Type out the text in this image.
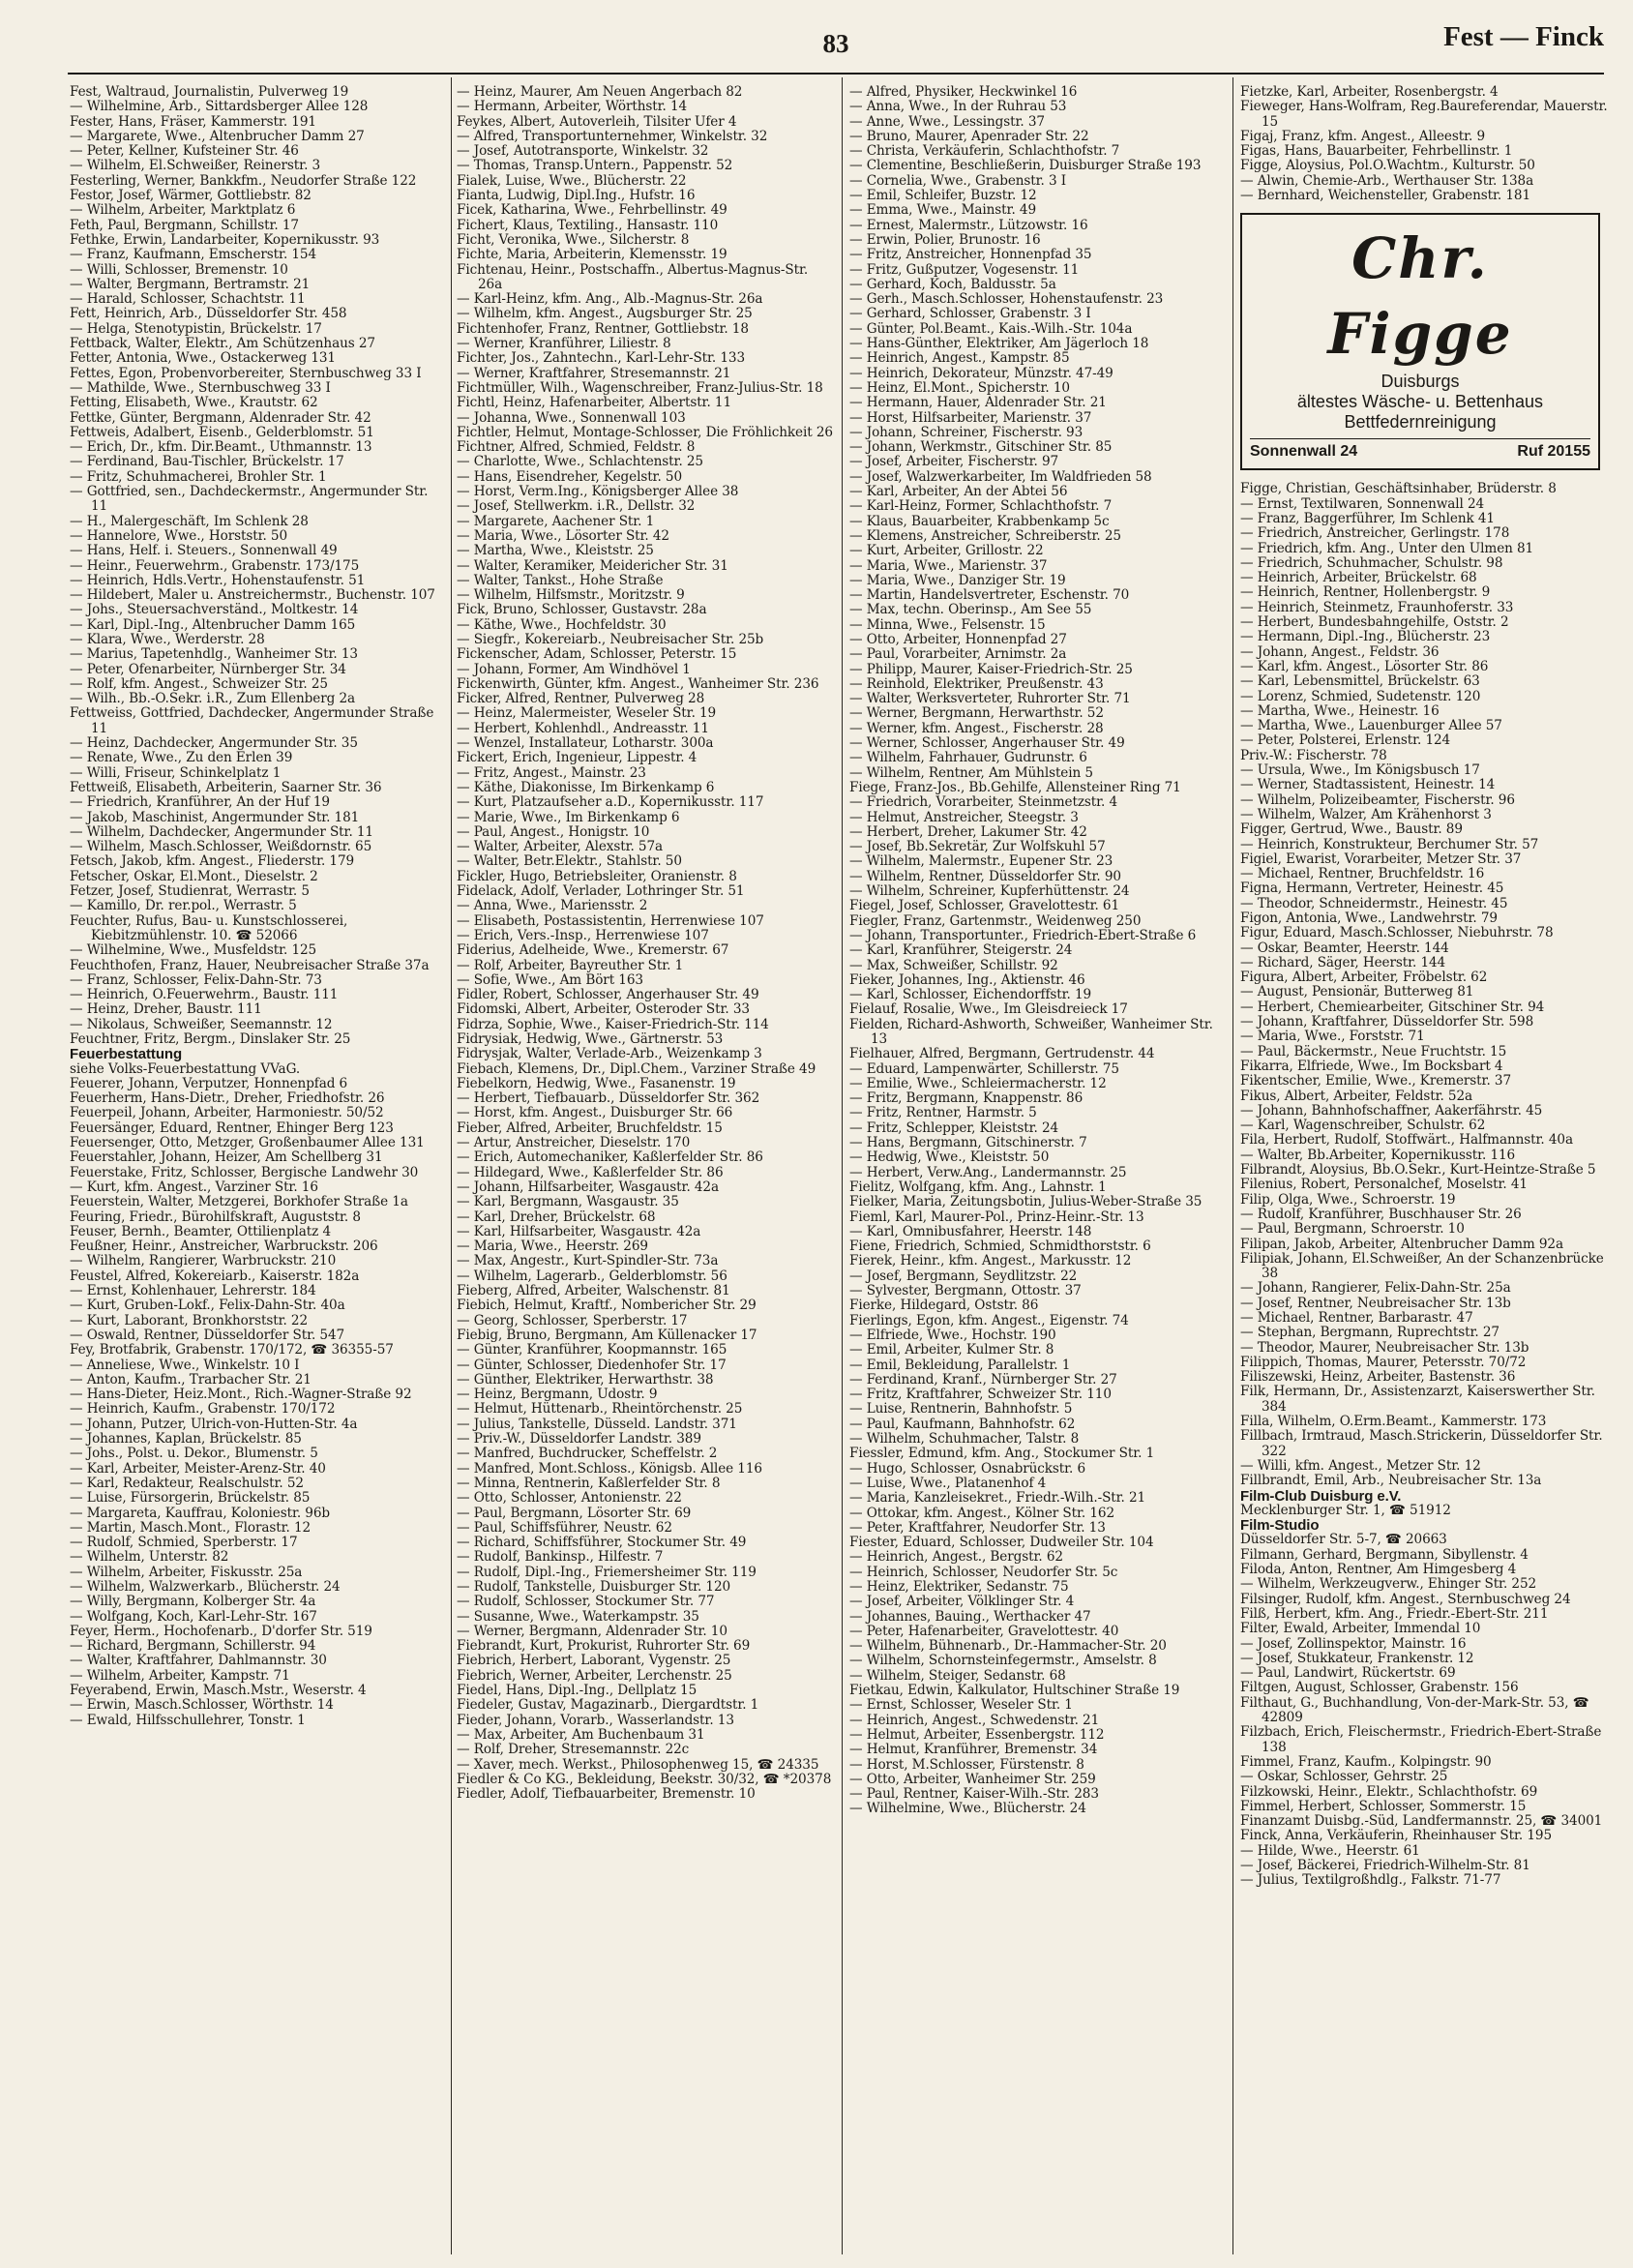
83	Fest — Finck
Fest, Waltraud, Journalistin, Pulverweg 19
— Wilhelmine, Arb., Sittardsberger Allee 128
Fester, Hans, Fräser, Kammerstr. 191
— Margarete, Wwe., Altenbrucher Damm 27
— Peter, Kellner, Kufsteiner Str. 46
— Wilhelm, El.Schweißer, Reinerstr. 3
Festerling, Werner, Bankkfm., Neudorfer Straße 122
Festor, Josef, Wärmer, Gottliebstr. 82
— Wilhelm, Arbeiter, Marktplatz 6
Feth, Paul, Bergmann, Schillstr. 17
Fethke, Erwin, Landarbeiter, Kopernikusstr. 93
— Franz, Kaufmann, Emscherstr. 154
— Willi, Schlosser, Bremenstr. 10
— Walter, Bergmann, Bertramstr. 21
— Harald, Schlosser, Schachtstr. 11
Fett, Heinrich, Arb., Düsseldorfer Str. 458
— Helga, Stenotypistin, Brückelstr. 17
Fettback, Walter, Elektr., Am Schützenhaus 27
Fetter, Antonia, Wwe., Ostackerweg 131
Fettes, Egon, Probenvorbereiter, Sternbuschweg 33 I
— Mathilde, Wwe., Sternbuschweg 33 I
Fetting, Elisabeth, Wwe., Krautstr. 62
Fettke, Günter, Bergmann, Aldenrader Str. 42
Fettweis, Adalbert, Eisenb., Gelderblomstr. 51
— Erich, Dr., kfm. Dir.Beamt., Uthmannstr. 13
— Ferdinand, Bau-Tischler, Brückelstr. 17
— Fritz, Schuhmacherei, Brohler Str. 1
— Gottfried, sen., Dachdeckermstr., Angermunder Str. 11
— H., Malergeschäft, Im Schlenk 28
— Hannelore, Wwe., Horststr. 50
— Hans, Helf. i. Steuers., Sonnenwall 49
— Heinr., Feuerwehrm., Grabenstr. 173/175
— Heinrich, Hdls.Vertr., Hohenstaufenstr. 51
— Hildebert, Maler u. Anstreichermstr., Buchenstr. 107
— Johs., Steuersachverständ., Moltkestr. 14
— Karl, Dipl.-Ing., Altenbrucher Damm 165
— Klara, Wwe., Werderstr. 28
— Marius, Tapetenhdlg., Wanheimer Str. 13
— Peter, Ofenarbeiter, Nürnberger Str. 34
— Rolf, kfm. Angest., Schweizer Str. 25
— Wilh., Bb.-O.Sekr. i.R., Zum Ellenberg 2a
Fettweiss, Gottfried, Dachdecker, Angermunder Straße 11
— Heinz, Dachdecker, Angermunder Str. 35
— Renate, Wwe., Zu den Erlen 39
— Willi, Friseur, Schinkelplatz 1
Fettweiß, Elisabeth, Arbeiterin, Saarner Str. 36
— Friedrich, Kranführer, An der Huf 19
— Jakob, Maschinist, Angermunder Str. 181
— Wilhelm, Dachdecker, Angermunder Str. 11
— Wilhelm, Masch.Schlosser, Weißdornstr. 65
Fetsch, Jakob, kfm. Angest., Fliederstr. 179
Fetscher, Oskar, El.Mont., Dieselstr. 2
Fetzer, Josef, Studienrat, Werrastr. 5
— Kamillo, Dr. rer.pol., Werrastr. 5
Feuchter, Rufus, Bau- u. Kunstschlosserei, Kiebitzmühlenstr. 10. ☎ 52066
— Wilhelmine, Wwe., Musfeldstr. 125
Feuchthofen, Franz, Hauer, Neubreisacher Straße 37a
— Franz, Schlosser, Felix-Dahn-Str. 73
— Heinrich, O.Feuerwehrm., Baustr. 111
— Heinz, Dreher, Baustr. 111
— Nikolaus, Schweißer, Seemannstr. 12
Feuchtner, Fritz, Bergm., Dinslaker Str. 25
Feuerbestattung
siehe Volks-Feuerbestattung VVaG.
Feuerer, Johann, Verputzer, Honnenpfad 6
Feuerherm, Hans-Dietr., Dreher, Friedhofstr. 26
Feuerpeil, Johann, Arbeiter, Harmoniestr. 50/52
Feuersänger, Eduard, Rentner, Ehinger Berg 123
Feuersenger, Otto, Metzger, Großenbaumer Allee 131
Feuerstahler, Johann, Heizer, Am Schellberg 31
Feuerstake, Fritz, Schlosser, Bergische Landwehr 30
— Kurt, kfm. Angest., Varziner Str. 16
Feuerstein, Walter, Metzgerei, Borkhofer Straße 1a
Feuring, Friedr., Bürohilfskraft, Auguststr. 8
Feuser, Bernh., Beamter, Ottilienplatz 4
Feußner, Heinr., Anstreicher, Warbruckstr. 206
— Wilhelm, Rangierer, Warbruckstr. 210
Feustel, Alfred, Kokereiarb., Kaiserstr. 182a
— Ernst, Kohlenhauer, Lehrerstr. 184
— Kurt, Gruben-Lokf., Felix-Dahn-Str. 40a
— Kurt, Laborant, Bronkhorststr. 22
— Oswald, Rentner, Düsseldorfer Str. 547
Fey, Brotfabrik, Grabenstr. 170/172, ☎ 36355-57
— Anneliese, Wwe., Winkelstr. 10 I
— Anton, Kaufm., Trarbacher Str. 21
— Hans-Dieter, Heiz.Mont., Rich.-Wagner-Straße 92
— Heinrich, Kaufm., Grabenstr. 170/172
— Johann, Putzer, Ulrich-von-Hutten-Str. 4a
— Johannes, Kaplan, Brückelstr. 85
— Johs., Polst. u. Dekor., Blumenstr. 5
— Karl, Arbeiter, Meister-Arenz-Str. 40
— Karl, Redakteur, Realschulstr. 52
— Luise, Fürsorgerin, Brückelstr. 85
— Margareta, Kauffrau, Koloniestr. 96b
— Martin, Masch.Mont., Florastr. 12
— Rudolf, Schmied, Sperberstr. 17
— Wilhelm, Unterstr. 82
— Wilhelm, Arbeiter, Fiskusstr. 25a
— Wilhelm, Walzwerkarb., Blücherstr. 24
— Willy, Bergmann, Kolberger Str. 4a
— Wolfgang, Koch, Karl-Lehr-Str. 167
Feyer, Herm., Hochofenarb., D'dorfer Str. 519
— Richard, Bergmann, Schillerstr. 94
— Walter, Kraftfahrer, Dahlmannstr. 30
— Wilhelm, Arbeiter, Kampstr. 71
Feyerabend, Erwin, Masch.Mstr., Weserstr. 4
— Erwin, Masch.Schlosser, Wörthstr. 14
— Ewald, Hilfsschullehrer, Tonstr. 1
— Heinz, Maurer, Am Neuen Angerbach 82
— Hermann, Arbeiter, Wörthstr. 14
Feykes, Albert, Autoverleih, Tilsiter Ufer 4
— Alfred, Transportunternehmer, Winkelstr. 32
— Josef, Autotransporte, Winkelstr. 32
— Thomas, Transp.Untern., Pappenstr. 52
Fialek, Luise, Wwe., Blücherstr. 22
Fianta, Ludwig, Dipl.Ing., Hufstr. 16
Ficek, Katharina, Wwe., Fehrbellinstr. 49
Fichert, Klaus, Textiling., Hansastr. 110
Ficht, Veronika, Wwe., Silcherstr. 8
Fichte, Maria, Arbeiterin, Klemensstr. 19
Fichtenau, Heinr., Postschaffn., Albertus-Magnus-Str. 26a
— Karl-Heinz, kfm. Ang., Alb.-Magnus-Str. 26a
— Wilhelm, kfm. Angest., Augsburger Str. 25
Fichtenhofer, Franz, Rentner, Gottliebstr. 18
— Werner, Kranführer, Liliestr. 8
Fichter, Jos., Zahntechn., Karl-Lehr-Str. 133
— Werner, Kraftfahrer, Stresemannstr. 21
Fichtmüller, Wilh., Wagenschreiber, Franz-Julius-Str. 18
Fichtl, Heinz, Hafenarbeiter, Albertstr. 11
— Johanna, Wwe., Sonnenwall 103
Fichtler, Helmut, Montage-Schlosser, Die Fröhlichkeit 26
Fichtner, Alfred, Schmied, Feldstr. 8
— Charlotte, Wwe., Schlachtenstr. 25
— Hans, Eisendreher, Kegelstr. 50
— Horst, Verm.Ing., Königsberger Allee 38
— Josef, Stellwerkm. i.R., Dellstr. 32
— Margarete, Aachener Str. 1
— Maria, Wwe., Lösorter Str. 42
— Martha, Wwe., Kleiststr. 25
— Walter, Keramiker, Meidericher Str. 31
— Walter, Tankst., Hohe Straße
— Wilhelm, Hilfsmstr., Moritzstr. 9
Fick, Bruno, Schlosser, Gustavstr. 28a
— Käthe, Wwe., Hochfeldstr. 30
— Siegfr., Kokereiarb., Neubreisacher Str. 25b
Fickenscher, Adam, Schlosser, Peterstr. 15
— Johann, Former, Am Windhövel 1
Fickenwirth, Günter, kfm. Angest., Wanheimer Str. 236
Ficker, Alfred, Rentner, Pulverweg 28
— Heinz, Malermeister, Weseler Str. 19
— Herbert, Kohlenhdl., Andreasstr. 11
— Wenzel, Installateur, Lotharstr. 300a
Fickert, Erich, Ingenieur, Lippestr. 4
— Fritz, Angest., Mainstr. 23
— Käthe, Diakonisse, Im Birkenkamp 6
— Kurt, Platzaufseher a.D., Kopernikusstr. 117
— Marie, Wwe., Im Birkenkamp 6
— Paul, Angest., Honigstr. 10
— Walter, Arbeiter, Alexstr. 57a
— Walter, Betr.Elektr., Stahlstr. 50
Fickler, Hugo, Betriebsleiter, Oranienstr. 8
Fidelack, Adolf, Verlader, Lothringer Str. 51
— Anna, Wwe., Mariensstr. 2
— Elisabeth, Postassistentin, Herrenwiese 107
— Erich, Vers.-Insp., Herrenwiese 107
Fiderius, Adelheide, Wwe., Kremerstr. 67
— Rolf, Arbeiter, Bayreuther Str. 1
— Sofie, Wwe., Am Bört 163
Fidler, Robert, Schlosser, Angerhauser Str. 49
Fidomski, Albert, Arbeiter, Osteroder Str. 33
Fidrza, Sophie, Wwe., Kaiser-Friedrich-Str. 114
Fidrysiak, Hedwig, Wwe., Gärtnerstr. 53
Fidrysjak, Walter, Verlade-Arb., Weizenkamp 3
Fiebach, Klemens, Dr., Dipl.Chem., Varziner Straße 49
Fiebelkorn, Hedwig, Wwe., Fasanenstr. 19
— Herbert, Tiefbauarb., Düsseldorfer Str. 362
— Horst, kfm. Angest., Duisburger Str. 66
Fieber, Alfred, Arbeiter, Bruchfeldstr. 15
— Artur, Anstreicher, Dieselstr. 170
— Erich, Automechaniker, Kaßlerfelder Str. 86
— Hildegard, Wwe., Kaßlerfelder Str. 86
— Johann, Hilfsarbeiter, Wasgaustr. 42a
— Karl, Bergmann, Wasgaustr. 35
— Karl, Dreher, Brückelstr. 68
— Karl, Hilfsarbeiter, Wasgaustr. 42a
— Maria, Wwe., Heerstr. 269
— Max, Angestr., Kurt-Spindler-Str. 73a
— Wilhelm, Lagerarb., Gelderblomstr. 56
Fieberg, Alfred, Arbeiter, Walschenstr. 81
Fiebich, Helmut, Kraftf., Nombericher Str. 29
— Georg, Schlosser, Sperberstr. 17
Fiebig, Bruno, Bergmann, Am Küllenacker 17
— Günter, Kranführer, Koopmannstr. 165
— Günter, Schlosser, Diedenhofer Str. 17
— Günther, Elektriker, Herwarthstr. 38
— Heinz, Bergmann, Udostr. 9
— Helmut, Hüttenarb., Rheintörchenstr. 25
— Julius, Tankstelle, Düsseld. Landstr. 371
— Priv.-W., Düsseldorfer Landstr. 389
— Manfred, Buchdrucker, Scheffelstr. 2
— Manfred, Mont.Schloss., Königsb. Allee 116
— Minna, Rentnerin, Kaßlerfelder Str. 8
— Otto, Schlosser, Antonienstr. 22
— Paul, Bergmann, Lösorter Str. 69
— Paul, Schiffsführer, Neustr. 62
— Richard, Schiffsführer, Stockumer Str. 49
— Rudolf, Bankinsp., Hilfestr. 7
— Rudolf, Dipl.-Ing., Friemersheimer Str. 119
— Rudolf, Tankstelle, Duisburger Str. 120
— Rudolf, Schlosser, Stockumer Str. 77
— Susanne, Wwe., Waterkampstr. 35
— Werner, Bergmann, Aldenrader Str. 10
Fiebrandt, Kurt, Prokurist, Ruhrorter Str. 69
Fiebrich, Herbert, Laborant, Vygenstr. 25
Fiebrich, Werner, Arbeiter, Lerchenstr. 25
Fiedel, Hans, Dipl.-Ing., Dellplatz 15
Fiedeler, Gustav, Magazinarb., Diergardtstr. 1
Fieder, Johann, Vorarb., Wasserlandstr. 13
— Max, Arbeiter, Am Buchenbaum 31
— Rolf, Dreher, Stresemannstr. 22c
— Xaver, mech. Werkst., Philosophenweg 15, ☎ 24335
Fiedler & Co KG., Bekleidung, Beekstr. 30/32, ☎ *20378
Fiedler, Adolf, Tiefbauarbeiter, Bremenstr. 10
— Alfred, Physiker, Heckwinkel 16
— Anna, Wwe., In der Ruhrau 53
— Anne, Wwe., Lessingstr. 37
— Bruno, Maurer, Apenrader Str. 22
— Christa, Verkäuferin, Schlachthofstr. 7
— Clementine, Beschließerin, Duisburger Straße 193
— Cornelia, Wwe., Grabenstr. 3 I
— Emil, Schleifer, Buzstr. 12
— Emma, Wwe., Mainstr. 49
— Ernest, Malermstr., Lützowstr. 16
— Erwin, Polier, Brunostr. 16
— Fritz, Anstreicher, Honnenpfad 35
— Fritz, Gußputzer, Vogesenstr. 11
— Gerhard, Koch, Baldusstr. 5a
— Gerh., Masch.Schlosser, Hohenstaufenstr. 23
— Gerhard, Schlosser, Grabenstr. 3 I
— Günter, Pol.Beamt., Kais.-Wilh.-Str. 104a
— Hans-Günther, Elektriker, Am Jägerloch 18
— Heinrich, Angest., Kampstr. 85
— Heinrich, Dekorateur, Münzstr. 47-49
— Heinz, El.Mont., Spicherstr. 10
— Hermann, Hauer, Aldenrader Str. 21
— Horst, Hilfsarbeiter, Marienstr. 37
— Johann, Schreiner, Fischerstr. 93
— Johann, Werkmstr., Gitschiner Str. 85
— Josef, Arbeiter, Fischerstr. 97
— Josef, Walzwerkarbeiter, Im Waldfrieden 58
— Karl, Arbeiter, An der Abtei 56
— Karl-Heinz, Former, Schlachthofstr. 7
— Klaus, Bauarbeiter, Krabbenkamp 5c
— Klemens, Anstreicher, Schreiberstr. 25
— Kurt, Arbeiter, Grillostr. 22
— Maria, Wwe., Marienstr. 37
— Maria, Wwe., Danziger Str. 19
— Martin, Handelsvertreter, Eschenstr. 70
— Max, techn. Oberinsp., Am See 55
— Minna, Wwe., Felsenstr. 15
— Otto, Arbeiter, Honnenpfad 27
— Paul, Vorarbeiter, Arnimstr. 2a
— Philipp, Maurer, Kaiser-Friedrich-Str. 25
— Reinhold, Elektriker, Preußenstr. 43
— Walter, Werksverteter, Ruhrorter Str. 71
— Werner, Bergmann, Herwarthstr. 52
— Werner, kfm. Angest., Fischerstr. 28
— Werner, Schlosser, Angerhauser Str. 49
— Wilhelm, Fahrhauer, Gudrunstr. 6
— Wilhelm, Rentner, Am Mühlstein 5
Fiege, Franz-Jos., Bb.Gehilfe, Allensteiner Ring 71
— Friedrich, Vorarbeiter, Steinmetzstr. 4
— Helmut, Anstreicher, Steegstr. 3
— Herbert, Dreher, Lakumer Str. 42
— Josef, Bb.Sekretär, Zur Wolfskuhl 57
— Wilhelm, Malermstr., Eupener Str. 23
— Wilhelm, Rentner, Düsseldorfer Str. 90
— Wilhelm, Schreiner, Kupferhüttenstr. 24
Fiegel, Josef, Schlosser, Gravelottestr. 61
Fiegler, Franz, Gartenmstr., Weidenweg 250
— Johann, Transportunter., Friedrich-Ebert-Straße 6
— Karl, Kranführer, Steigerstr. 24
— Max, Schweißer, Schillstr. 92
Fieker, Johannes, Ing., Aktienstr. 46
— Karl, Schlosser, Eichendorffstr. 19
Fielauf, Rosalie, Wwe., Im Gleisdreieck 17
Fielden, Richard-Ashworth, Schweißer, Wanheimer Str. 13
Fielhauer, Alfred, Bergmann, Gertrudenstr. 44
— Eduard, Lampenwärter, Schillerstr. 75
— Emilie, Wwe., Schleiermacherstr. 12
— Fritz, Bergmann, Knappenstr. 86
— Fritz, Rentner, Harmstr. 5
— Fritz, Schlepper, Kleiststr. 24
— Hans, Bergmann, Gitschinerstr. 7
— Hedwig, Wwe., Kleiststr. 50
— Herbert, Verw.Ang., Landermannstr. 25
Fielitz, Wolfgang, kfm. Ang., Lahnstr. 1
Fielker, Maria, Zeitungsbotin, Julius-Weber-Straße 35
Fieml, Karl, Maurer-Pol., Prinz-Heinr.-Str. 13
— Karl, Omnibusfahrer, Heerstr. 148
Fiene, Friedrich, Schmied, Schmidthorststr. 6
Fierek, Heinr., kfm. Angest., Markusstr. 12
— Josef, Bergmann, Seydlitzstr. 22
— Sylvester, Bergmann, Ottostr. 37
Fierke, Hildegard, Oststr. 86
Fierlings, Egon, kfm. Angest., Eigenstr. 74
— Elfriede, Wwe., Hochstr. 190
— Emil, Arbeiter, Kulmer Str. 8
— Emil, Bekleidung, Parallelstr. 1
— Ferdinand, Kranf., Nürnberger Str. 27
— Fritz, Kraftfahrer, Schweizer Str. 110
— Luise, Rentnerin, Bahnhofstr. 5
— Paul, Kaufmann, Bahnhofstr. 62
— Wilhelm, Schuhmacher, Talstr. 8
Fiessler, Edmund, kfm. Ang., Stockumer Str. 1
— Hugo, Schlosser, Osnabrückstr. 6
— Luise, Wwe., Platanenhof 4
— Maria, Kanzleisekret., Friedr.-Wilh.-Str. 21
— Ottokar, kfm. Angest., Kölner Str. 162
— Peter, Kraftfahrer, Neudorfer Str. 13
Fiester, Eduard, Schlosser, Dudweiler Str. 104
— Heinrich, Angest., Bergstr. 62
— Heinrich, Schlosser, Neudorfer Str. 5c
— Heinz, Elektriker, Sedanstr. 75
— Josef, Arbeiter, Völklinger Str. 4
— Johannes, Bauing., Werthacker 47
— Peter, Hafenarbeiter, Gravelottestr. 40
— Wilhelm, Bühnenarb., Dr.-Hammacher-Str. 20
— Wilhelm, Schornsteinfegermstr., Amselstr. 8
— Wilhelm, Steiger, Sedanstr. 68
Fietkau, Edwin, Kalkulator, Hultschiner Straße 19
— Ernst, Schlosser, Weseler Str. 1
— Heinrich, Angest., Schwedenstr. 21
— Helmut, Arbeiter, Essenbergstr. 112
— Helmut, Kranführer, Bremenstr. 34
— Horst, M.Schlosser, Fürstenstr. 8
— Otto, Arbeiter, Wanheimer Str. 259
— Paul, Rentner, Kaiser-Wilh.-Str. 283
— Wilhelmine, Wwe., Blücherstr. 24
Fietzke, Karl, Arbeiter, Rosenbergstr. 4
Fieweger, Hans-Wolfram, Reg.Baureferendar, Mauerstr. 15
Figaj, Franz, kfm. Angest., Alleestr. 9
Figas, Hans, Bauarbeiter, Fehrbellinstr. 1
Figge, Aloysius, Pol.O.Wachtm., Kulturstr. 50
— Alwin, Chemie-Arb., Werthauser Str. 138a
— Bernhard, Weichensteller, Grabenstr. 181
Chr. Figge
Duisburgs
ältestes Wäsche- u. Bettenhaus
Bettfedernreinigung
Sonnenwall 24	Ruf 20155
Figge, Christian, Geschäftsinhaber, Brüderstr. 8
— Ernst, Textilwaren, Sonnenwall 24
— Franz, Baggerführer, Im Schlenk 41
— Friedrich, Anstreicher, Gerlingstr. 178
— Friedrich, kfm. Ang., Unter den Ulmen 81
— Friedrich, Schuhmacher, Schulstr. 98
— Heinrich, Arbeiter, Brückelstr. 68
— Heinrich, Rentner, Hollenbergstr. 9
— Heinrich, Steinmetz, Fraunhoferstr. 33
— Herbert, Bundesbahngehilfe, Oststr. 2
— Hermann, Dipl.-Ing., Blücherstr. 23
— Johann, Angest., Feldstr. 36
— Karl, kfm. Angest., Lösorter Str. 86
— Karl, Lebensmittel, Brückelstr. 63
— Lorenz, Schmied, Sudetenstr. 120
— Martha, Wwe., Heinestr. 16
— Martha, Wwe., Lauenburger Allee 57
— Peter, Polsterei, Erlenstr. 124
Priv.-W.: Fischerstr. 78
— Ursula, Wwe., Im Königsbusch 17
— Werner, Stadtassistent, Heinestr. 14
— Wilhelm, Polizeibeamter, Fischerstr. 96
— Wilhelm, Walzer, Am Krähenhorst 3
Figger, Gertrud, Wwe., Baustr. 89
— Heinrich, Konstrukteur, Berchumer Str. 57
Figiel, Ewarist, Vorarbeiter, Metzer Str. 37
— Michael, Rentner, Bruchfeldstr. 16
Figna, Hermann, Vertreter, Heinestr. 45
— Theodor, Schneidermstr., Heinestr. 45
Figon, Antonia, Wwe., Landwehrstr. 79
Figur, Eduard, Masch.Schlosser, Niebuhrstr. 78
— Oskar, Beamter, Heerstr. 144
— Richard, Säger, Heerstr. 144
Figura, Albert, Arbeiter, Fröbelstr. 62
— August, Pensionär, Butterweg 81
— Herbert, Chemiearbeiter, Gitschiner Str. 94
— Johann, Kraftfahrer, Düsseldorfer Str. 598
— Maria, Wwe., Forststr. 71
— Paul, Bäckermstr., Neue Fruchtstr. 15
Fikarra, Elfriede, Wwe., Im Bocksbart 4
Fikentscher, Emilie, Wwe., Kremerstr. 37
Fikus, Albert, Arbeiter, Feldstr. 52a
— Johann, Bahnhofschaffner, Aakerfährstr. 45
— Karl, Wagenschreiber, Schulstr. 62
Fila, Herbert, Rudolf, Stoffwärt., Halfmannstr. 40a
— Walter, Bb.Arbeiter, Kopernikusstr. 116
Filbrandt, Aloysius, Bb.O.Sekr., Kurt-Heintze-Straße 5
Filenius, Robert, Personalchef, Moselstr. 41
Filip, Olga, Wwe., Schroerstr. 19
— Rudolf, Kranführer, Buschhauser Str. 26
— Paul, Bergmann, Schroerstr. 10
Filipan, Jakob, Arbeiter, Altenbrucher Damm 92a
Filipiak, Johann, El.Schweißer, An der Schanzenbrücke 38
— Johann, Rangierer, Felix-Dahn-Str. 25a
— Josef, Rentner, Neubreisacher Str. 13b
— Michael, Rentner, Barbarastr. 47
— Stephan, Bergmann, Ruprechtstr. 27
— Theodor, Maurer, Neubreisacher Str. 13b
Filippich, Thomas, Maurer, Petersstr. 70/72
Filiszewski, Heinz, Arbeiter, Bastenstr. 36
Filk, Hermann, Dr., Assistenzarzt, Kaiserswerther Str. 384
Filla, Wilhelm, O.Erm.Beamt., Kammerstr. 173
Fillbach, Irmtraud, Masch.Strickerin, Düsseldorfer Str. 322
— Willi, kfm. Angest., Metzer Str. 12
Fillbrandt, Emil, Arb., Neubreisacher Str. 13a
Film-Club Duisburg e.V.
Mecklenburger Str. 1, ☎ 51912
Film-Studio
Düsseldorfer Str. 5-7, ☎ 20663
Filmann, Gerhard, Bergmann, Sibyllenstr. 4
Filoda, Anton, Rentner, Am Himgesberg 4
— Wilhelm, Werkzeugverw., Ehinger Str. 252
Filsinger, Rudolf, kfm. Angest., Sternbuschweg 24
Filß, Herbert, kfm. Ang., Friedr.-Ebert-Str. 211
Filter, Ewald, Arbeiter, Immendal 10
— Josef, Zollinspektor, Mainstr. 16
— Josef, Stukkateur, Frankenstr. 12
— Paul, Landwirt, Rückertstr. 69
Filtgen, August, Schlosser, Grabenstr. 156
Filthaut, G., Buchhandlung, Von-der-Mark-Str. 53, ☎ 42809
Filzbach, Erich, Fleischermstr., Friedrich-Ebert-Straße 138
Fimmel, Franz, Kaufm., Kolpingstr. 90
— Oskar, Schlosser, Gehrstr. 25
Filzkowski, Heinr., Elektr., Schlachthofstr. 69
Fimmel, Herbert, Schlosser, Sommerstr. 15
Finanzamt Duisbg.-Süd, Landfermannstr. 25, ☎ 34001
Finck, Anna, Verkäuferin, Rheinhauser Str. 195
— Hilde, Wwe., Heerstr. 61
— Josef, Bäckerei, Friedrich-Wilhelm-Str. 81
— Julius, Textilgroßhdlg., Falkstr. 71-77
